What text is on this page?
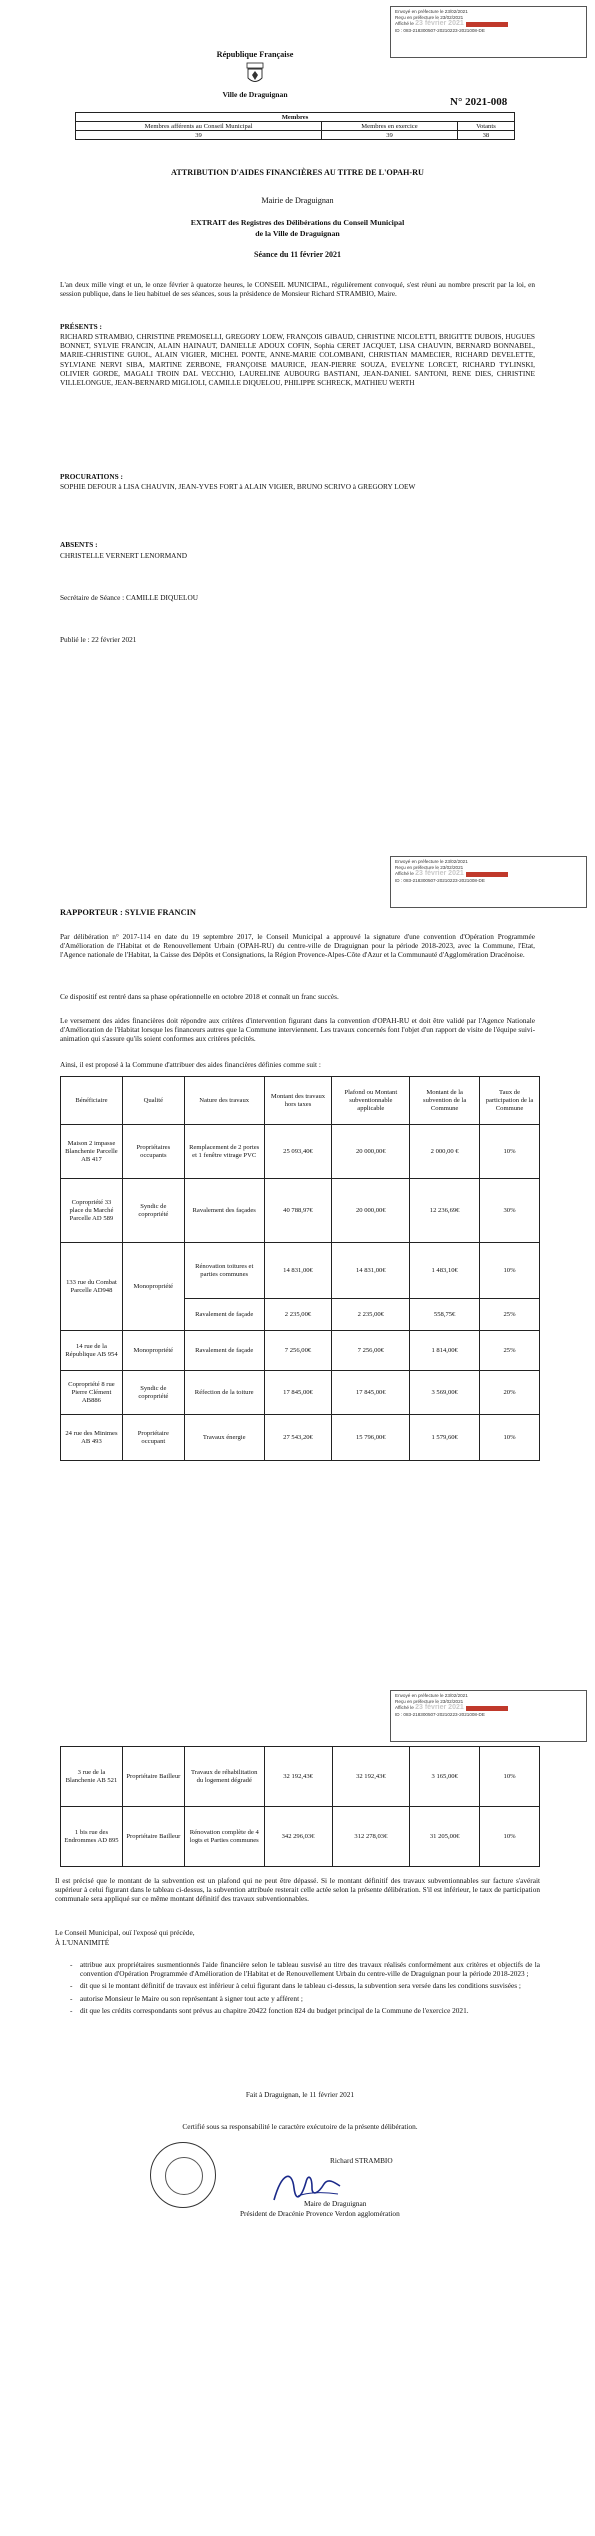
Envoyé en préfecture le 23/02/2021
Reçu en préfecture le 23/02/2021
Affiché le 23 février 2021
ID : 083-218300507-20210223-2021008-DE
République Française
Ville de Draguignan
N° 2021-008
Membres		
Membres afférents au Conseil Municipal	Membres en exercice	Votants
39	39	38
ATTRIBUTION D'AIDES FINANCIÈRES AU TITRE DE L'OPAH-RU
Mairie de Draguignan
EXTRAIT des Registres des Délibérations du Conseil Municipal
de la Ville de Draguignan
Séance du 11 février 2021
L'an deux mille vingt et un, le onze février à quatorze heures, le CONSEIL MUNICIPAL, régulièrement convoqué, s'est réuni au nombre prescrit par la loi, en session publique, dans le lieu habituel de ses séances, sous la présidence de Monsieur Richard STRAMBIO, Maire.
PRÉSENTS :
RICHARD STRAMBIO, CHRISTINE PREMOSELLI, GREGORY LOEW, FRANÇOIS GIBAUD, CHRISTINE NICOLETTI, BRIGITTE DUBOIS, HUGUES BONNET, SYLVIE FRANCIN, ALAIN HAINAUT, DANIELLE ADOUX COFIN, Sophia CERET JACQUET, LISA CHAUVIN, BERNARD BONNABEL, MARIE-CHRISTINE GUIOL, ALAIN VIGIER, MICHEL PONTE, ANNE-MARIE COLOMBANI, CHRISTIAN MAMECIER, RICHARD DEVELETTE, SYLVIANE NERVI SIBA, MARTINE ZERBONE, FRANÇOISE MAURICE, JEAN-PIERRE SOUZA, EVELYNE LORCET, RICHARD TYLINSKI, OLIVIER GORDE, MAGALI TROIN DAL VECCHIO, LAURELINE AUBOURG BASTIANI, JEAN-DANIEL SANTONI, RENE DIES, CHRISTINE VILLELONGUE, JEAN-BERNARD MIGLIOLI, CAMILLE DIQUELOU, PHILIPPE SCHRECK, MATHIEU WERTH
PROCURATIONS :
SOPHIE DEFOUR à LISA CHAUVIN, JEAN-YVES FORT à ALAIN VIGIER, BRUNO SCRIVO à GREGORY LOEW
ABSENTS :
CHRISTELLE VERNERT LENORMAND
Secrétaire de Séance : CAMILLE DIQUELOU
Publié le : 22 février 2021
Envoyé en préfecture le 23/02/2021
Reçu en préfecture le 23/02/2021
Affiché le 23 février 2021
ID : 083-218300507-20210223-2021008-DE
RAPPORTEUR : SYLVIE FRANCIN
Par délibération n° 2017-114 en date du 19 septembre 2017, le Conseil Municipal a approuvé la signature d'une convention d'Opération Programmée d'Amélioration de l'Habitat et de Renouvellement Urbain (OPAH-RU) du centre-ville de Draguignan pour la période 2018-2023, avec la Commune, l'Etat, l'Agence nationale de l'Habitat, la Caisse des Dépôts et Consignations, la Région Provence-Alpes-Côte d'Azur et la Communauté d'Agglomération Dracénoise.
Ce dispositif est rentré dans sa phase opérationnelle en octobre 2018 et connaît un franc succès.
Le versement des aides financières doit répondre aux critères d'intervention figurant dans la convention d'OPAH-RU et doit être validé par l'Agence Nationale d'Amélioration de l'Habitat lorsque les financeurs autres que la Commune interviennent. Les travaux concernés font l'objet d'un rapport de visite de l'équipe suivi-animation qui s'assure qu'ils soient conformes aux critères précités.
Ainsi, il est proposé à la Commune d'attribuer des aides financières définies comme suit :
Bénéficiaire	Qualité	Nature des travaux	Montant des travaux hors taxes	Plafond ou Montant subventionnable applicable	Montant de la subvention de la Commune	Taux de participation de la Commune
Maison 2 impasse Blanchenie Parcelle AB 417	Propriétaires occupants	Remplacement de 2 portes et 1 fenêtre vitrage PVC	25 093,40€	20 000,00€	2 000,00 €	10%
Copropriété 33 place du Marché Parcelle AD 589	Syndic de copropriété	Ravalement des façades	40 788,97€	20 000,00€	12 236,69€	30%
133 rue du Combat Parcelle AD948	Monopropriété	Rénovation toitures et parties communes	14 831,00€	14 831,00€	1 483,10€	10%
		Ravalement de façade	2 235,00€	2 235,00€	558,75€	25%
14 rue de la République AB 954	Monopropriété	Ravalement de façade	7 256,00€	7 256,00€	1 814,00€	25%
Copropriété 8 rue Pierre Clément AB886	Syndic de copropriété	Réfection de la toiture	17 845,00€	17 845,00€	3 569,00€	20%
24 rue des Minimes AB 493	Propriétaire occupant	Travaux énergie	27 543,20€	15 796,00€	1 579,60€	10%
Envoyé en préfecture le 23/02/2021
Reçu en préfecture le 23/02/2021
Affiché le 23 février 2021
ID : 083-218300507-20210223-2021008-DE
3 rue de la Blanchenie AB 521	Propriétaire Bailleur	Travaux de réhabilitation du logement dégradé	32 192,43€	32 192,43€	3 165,00€	10%
1 bis rue des Endrommes AD 895	Propriétaire Bailleur	Rénovation complète de 4 logts et Parties communes	342 296,03€	312 278,03€	31 205,00€	10%
Il est précisé que le montant de la subvention est un plafond qui ne peut être dépassé. Si le montant définitif des travaux subventionnables sur facture s'avérait supérieur à celui figurant dans le tableau ci-dessus, la subvention attribuée resterait celle actée selon la présente délibération. S'il est inférieur, le taux de participation communale sera appliqué sur ce même montant définitif des travaux subventionnables.
Le Conseil Municipal, ouï l'exposé qui précède,
À L'UNANIMITÉ
-	attribue aux propriétaires susmentionnés l'aide financière selon le tableau susvisé au titre des travaux réalisés conformément aux critères et objectifs de la convention d'Opération Programmée d'Amélioration de l'Habitat et de Renouvellement Urbain du centre-ville de Draguignan pour la période 2018-2023 ;
-	dit que si le montant définitif de travaux est inférieur à celui figurant dans le tableau ci-dessus, la subvention sera versée dans les conditions susvisées ;
-	autorise Monsieur le Maire ou son représentant à signer tout acte y afférent ;
-	dit que les crédits correspondants sont prévus au chapitre 20422 fonction 824 du budget principal de la Commune de l'exercice 2021.
Fait à Draguignan, le 11 février 2021
Certifié sous sa responsabilité le caractère exécutoire de la présente délibération.
Richard STRAMBIO
Maire de Draguignan
Président de Dracénie Provence Verdon agglomération
